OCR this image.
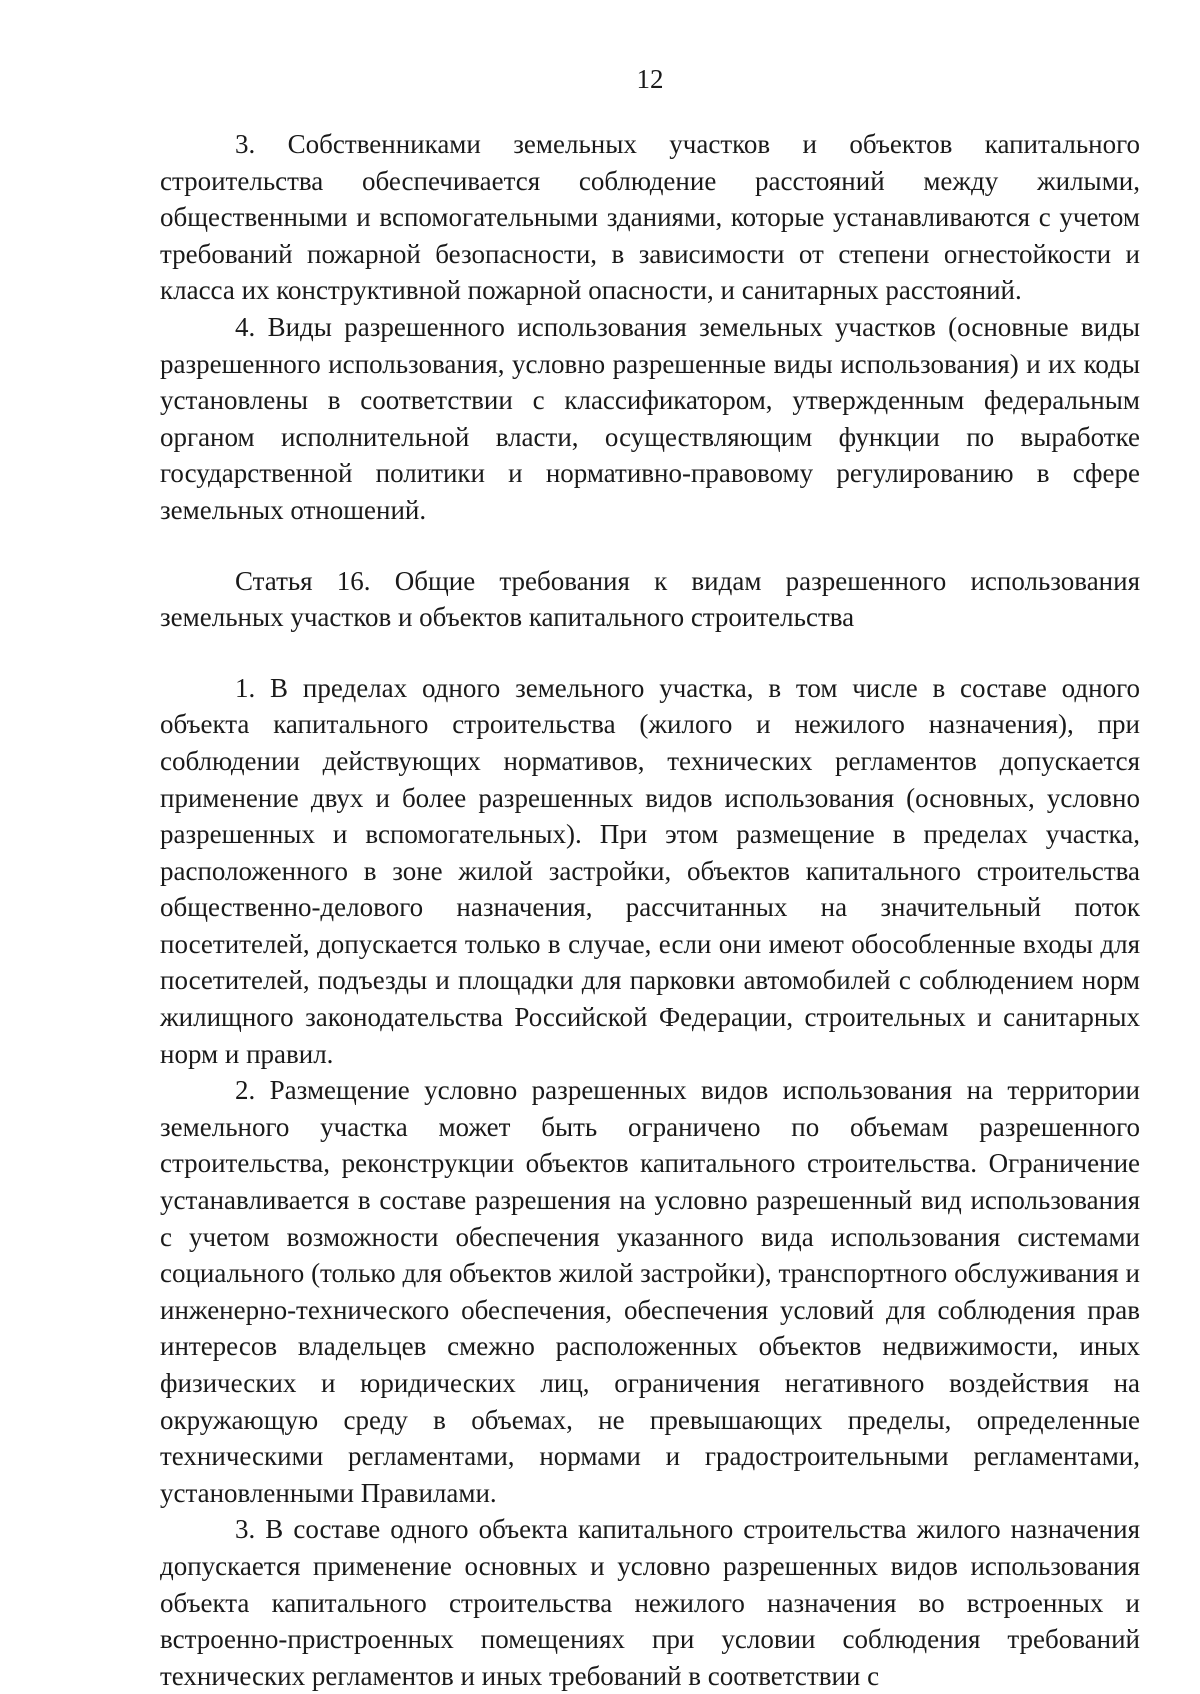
12

3. Собственниками земельных участков и объектов капитального строительства обеспечивается соблюдение расстояний между жилыми, общественными и вспомогательными зданиями, которые устанавливаются с учетом требований пожарной безопасности, в зависимости от степени огнестойкости и класса их конструктивной пожарной опасности, и санитарных расстояний.

4. Виды разрешенного использования земельных участков (основные виды разрешенного использования, условно разрешенные виды использования) и их коды установлены в соответствии с классификатором, утвержденным федеральным органом исполнительной власти, осуществляющим функции по выработке государственной политики и нормативно-правовому регулированию в сфере земельных отношений.

Статья 16. Общие требования к видам разрешенного использования земельных участков и объектов капитального строительства

1. В пределах одного земельного участка, в том числе в составе одного объекта капитального строительства (жилого и нежилого назначения), при соблюдении действующих нормативов, технических регламентов допускается применение двух и более разрешенных видов использования (основных, условно разрешенных и вспомогательных). При этом размещение в пределах участка, расположенного в зоне жилой застройки, объектов капитального строительства общественно-делового назначения, рассчитанных на значительный поток посетителей, допускается только в случае, если они имеют обособленные входы для посетителей, подъезды и площадки для парковки автомобилей с соблюдением норм жилищного законодательства Российской Федерации, строительных и санитарных норм и правил.

2. Размещение условно разрешенных видов использования на территории земельного участка может быть ограничено по объемам разрешенного строительства, реконструкции объектов капитального строительства. Ограничение устанавливается в составе разрешения на условно разрешенный вид использования с учетом возможности обеспечения указанного вида использования системами социального (только для объектов жилой застройки), транспортного обслуживания и инженерно-технического обеспечения, обеспечения условий для соблюдения прав интересов владельцев смежно расположенных объектов недвижимости, иных физических и юридических лиц, ограничения негативного воздействия на окружающую среду в объемах, не превышающих пределы, определенные техническими регламентами, нормами и градостроительными регламентами, установленными Правилами.

3. В составе одного объекта капитального строительства жилого назначения допускается применение основных и условно разрешенных видов использования объекта капитального строительства нежилого назначения во встроенных и встроенно-пристроенных помещениях при условии соблюдения требований технических регламентов и иных требований в соответствии с
